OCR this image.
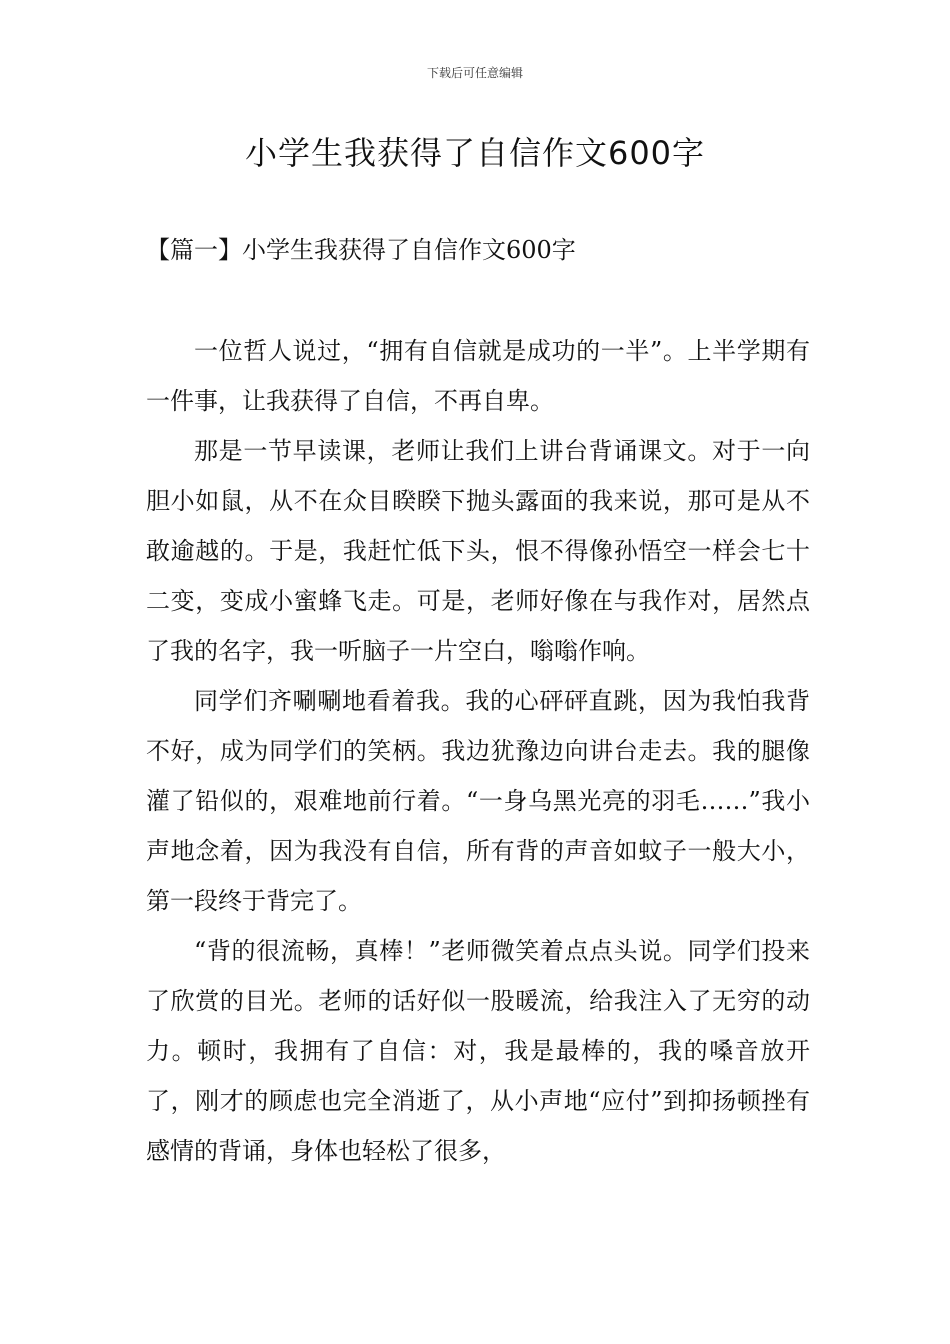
下载后可任意编辑
小学生我获得了自信作文600字
【篇一】小学生我获得了自信作文600字

一位哲人说过，“拥有自信就是成功的一半”。上半学期有一件事，让我获得了自信，不再自卑。

那是一节早读课，老师让我们上讲台背诵课文。对于一向胆小如鼠，从不在众目睽睽下抛头露面的我来说，那可是从不敢逾越的。于是，我赶忙低下头，恨不得像孙悟空一样会七十二变，变成小蜜蜂飞走。可是，老师好像在与我作对，居然点了我的名字，我一听脑子一片空白，嗡嗡作响。

同学们齐唰唰地看着我。我的心砰砰直跳，因为我怕我背不好，成为同学们的笑柄。我边犹豫边向讲台走去。我的腿像灌了铅似的，艰难地前行着。“一身乌黑光亮的羽毛……”我小声地念着，因为我没有自信，所有背的声音如蚊子一般大小，第一段终于背完了。

“背的很流畅，真棒！”老师微笑着点点头说。同学们投来了欣赏的目光。老师的话好似一股暖流，给我注入了无穷的动力。顿时，我拥有了自信：对，我是最棒的，我的嗓音放开了，刚才的顾虑也完全消逝了，从小声地“应付”到抑扬顿挫有感情的背诵，身体也轻松了很多，
